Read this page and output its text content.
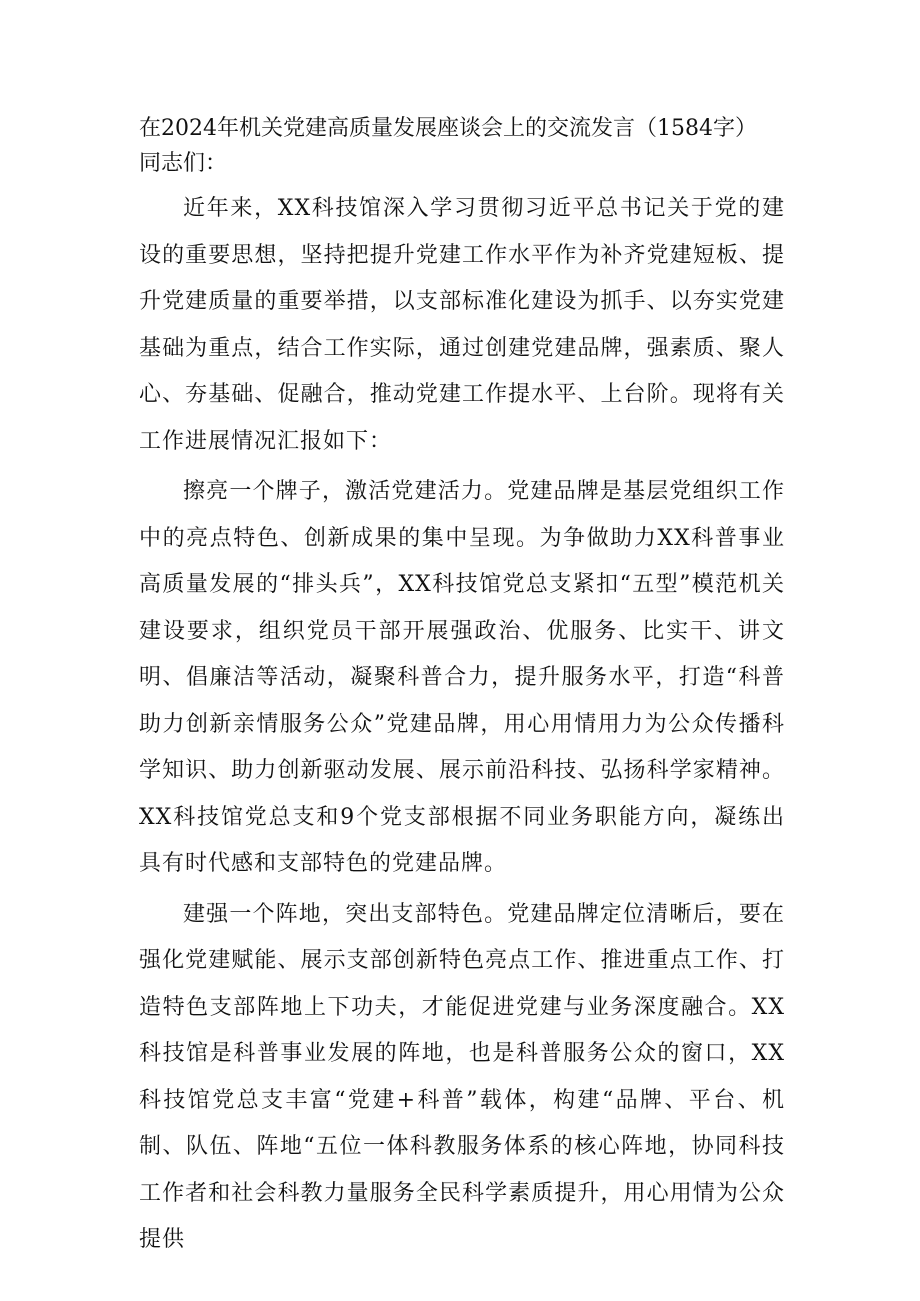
在2024年机关党建高质量发展座谈会上的交流发言（1584字）

同志们：

近年来，XX科技馆深入学习贯彻习近平总书记关于党的建设的重要思想，坚持把提升党建工作水平作为补齐党建短板、提升党建质量的重要举措，以支部标准化建设为抓手、以夯实党建基础为重点，结合工作实际，通过创建党建品牌，强素质、聚人心、夯基础、促融合，推动党建工作提水平、上台阶。现将有关工作进展情况汇报如下：

擦亮一个牌子，激活党建活力。党建品牌是基层党组织工作中的亮点特色、创新成果的集中呈现。为争做助力XX科普事业高质量发展的“排头兵”，XX科技馆党总支紧扣“五型”模范机关建设要求，组织党员干部开展强政治、优服务、比实干、讲文明、倡廉洁等活动，凝聚科普合力，提升服务水平，打造“科普助力创新亲情服务公众”党建品牌，用心用情用力为公众传播科学知识、助力创新驱动发展、展示前沿科技、弘扬科学家精神。XX科技馆党总支和9个党支部根据不同业务职能方向，凝练出具有时代感和支部特色的党建品牌。

建强一个阵地，突出支部特色。党建品牌定位清晰后，要在强化党建赋能、展示支部创新特色亮点工作、推进重点工作、打造特色支部阵地上下功夫，才能促进党建与业务深度融合。XX科技馆是科普事业发展的阵地，也是科普服务公众的窗口，XX科技馆党总支丰富“党建+科普”载体，构建“品牌、平台、机制、队伍、阵地“五位一体科教服务体系的核心阵地，协同科技工作者和社会科教力量服务全民科学素质提升，用心用情为公众提供
